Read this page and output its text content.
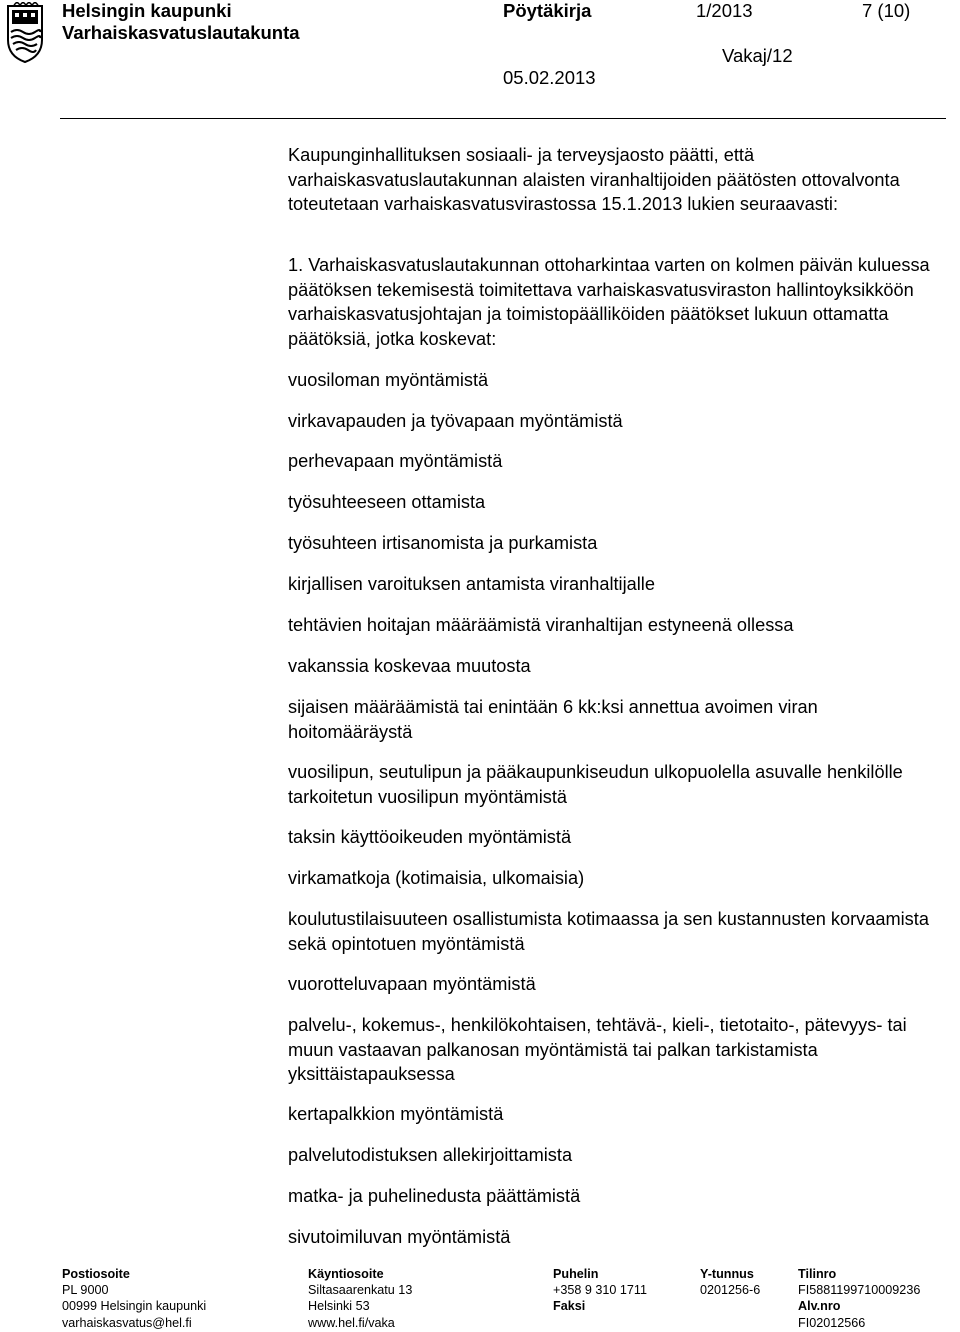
Helsingin kaupunki
Varhaiskasvatuslautakunta
Pöytäkirja	1/2013	7 (10)
Vakaj/12
05.02.2013
Kaupunginhallituksen sosiaali- ja terveysjaosto päätti, että varhaiskasvatuslautakunnan alaisten viranhaltijoiden päätösten ottovalvonta toteutetaan varhaiskasvatusvirastossa 15.1.2013 lukien seuraavasti:
1. Varhaiskasvatuslautakunnan ottoharkintaa varten on kolmen päivän kuluessa päätöksen tekemisestä toimitettava varhaiskasvatusviraston hallintoyksikköön varhaiskasvatusjohtajan ja toimistopäälliköiden päätökset lukuun ottamatta päätöksiä, jotka koskevat:
vuosiloman myöntämistä
virkavapauden ja työvapaan myöntämistä
perhevapaan myöntämistä
työsuhteeseen ottamista
työsuhteen irtisanomista ja purkamista
kirjallisen varoituksen antamista viranhaltijalle
tehtävien hoitajan määräämistä viranhaltijan estyneenä ollessa
vakanssia koskevaa muutosta
sijaisen määräämistä tai enintään 6 kk:ksi annettua avoimen viran hoitomääräystä
vuosilipun, seutulipun ja pääkaupunkiseudun ulkopuolella asuvalle henkilölle tarkoitetun vuosilipun myöntämistä
taksin käyttöoikeuden myöntämistä
virkamatkoja (kotimaisia, ulkomaisia)
koulutustilaisuuteen osallistumista kotimaassa ja sen kustannusten korvaamista sekä opintotuen myöntämistä
vuorotteluvapaan myöntämistä
palvelu-, kokemus-, henkilökohtaisen, tehtävä-, kieli-, tietotaito-, pätevyys- tai muun vastaavan palkanosan myöntämistä tai palkan tarkistamista yksittäistapauksessa
kertapalkkion myöntämistä
palvelutodistuksen allekirjoittamista
matka- ja puhelinedusta päättämistä
sivutoimiluvan myöntämistä
Postiosoite
PL 9000
00999 Helsingin kaupunki
varhaiskasvatus@hel.fi
Käyntiosoite
Siltasaarenkatu 13
Helsinki 53
www.hel.fi/vaka
Puhelin
+358 9 310 1711
Faksi
Y-tunnus
0201256-6
Tilinro
FI5881199710009236
Alv.nro
FI02012566
